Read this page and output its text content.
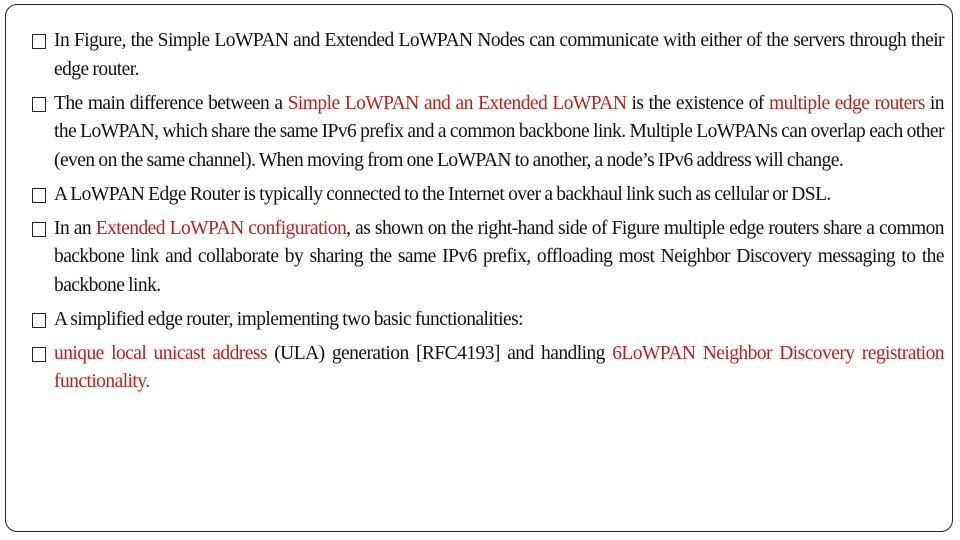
In Figure, the Simple LoWPAN and Extended LoWPAN Nodes can communicate with either of the servers through their edge router.
The main difference between a Simple LoWPAN and an Extended LoWPAN is the existence of multiple edge routers in the LoWPAN, which share the same IPv6 prefix and a common backbone link. Multiple LoWPANs can overlap each other (even on the same channel). When moving from one LoWPAN to another, a node’s IPv6 address will change.
A LoWPAN Edge Router is typically connected to the Internet over a backhaul link such as cellular or DSL.
In an Extended LoWPAN configuration, as shown on the right-hand side of Figure multiple edge routers share a common backbone link and collaborate by sharing the same IPv6 prefix, offloading most Neighbor Discovery messaging to the backbone link.
A simplified edge router, implementing two basic functionalities:
unique local unicast address (ULA) generation [RFC4193] and handling 6LoWPAN Neighbor Discovery registration functionality.
